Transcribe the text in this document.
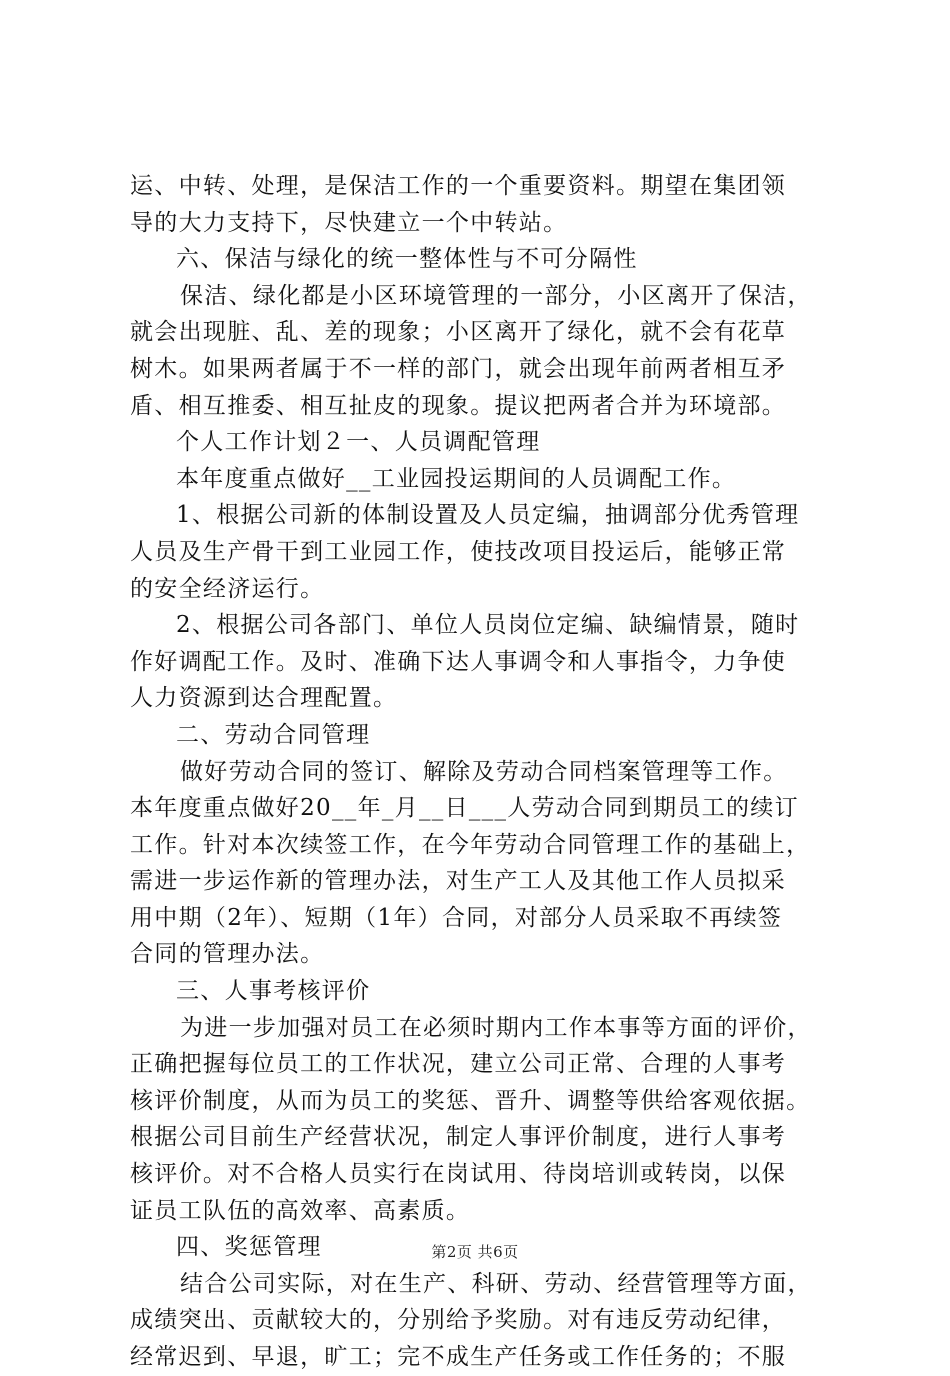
运、中转、处理，是保洁工作的一个重要资料。期望在集团领
导的大力支持下，尽快建立一个中转站。
六、保洁与绿化的统一整体性与不可分隔性
保洁、绿化都是小区环境管理的一部分，小区离开了保洁，
就会出现脏、乱、差的现象；小区离开了绿化，就不会有花草
树木。如果两者属于不一样的部门，就会出现年前两者相互矛
盾、相互推委、相互扯皮的现象。提议把两者合并为环境部。
个人工作计划２一、人员调配管理
本年度重点做好__工业园投运期间的人员调配工作。
1、根据公司新的体制设置及人员定编，抽调部分优秀管理
人员及生产骨干到工业园工作，使技改项目投运后，能够正常
的安全经济运行。
2、根据公司各部门、单位人员岗位定编、缺编情景，随时
作好调配工作。及时、准确下达人事调令和人事指令，力争使
人力资源到达合理配置。
二、劳动合同管理
做好劳动合同的签订、解除及劳动合同档案管理等工作。
本年度重点做好20__年_月__日___人劳动合同到期员工的续订
工作。针对本次续签工作，在今年劳动合同管理工作的基础上，
需进一步运作新的管理办法，对生产工人及其他工作人员拟采
用中期（2年）、短期（1年）合同，对部分人员采取不再续签
合同的管理办法。
三、人事考核评价
为进一步加强对员工在必须时期内工作本事等方面的评价，
正确把握每位员工的工作状况，建立公司正常、合理的人事考
核评价制度，从而为员工的奖惩、晋升、调整等供给客观依据。
根据公司目前生产经营状况，制定人事评价制度，进行人事考
核评价。对不合格人员实行在岗试用、待岗培训或转岗，以保
证员工队伍的高效率、高素质。
四、奖惩管理
结合公司实际，对在生产、科研、劳动、经营管理等方面，
成绩突出、贡献较大的，分别给予奖励。对有违反劳动纪律，
经常迟到、早退，旷工；完不成生产任务或工作任务的；不服
第2页 共6页
